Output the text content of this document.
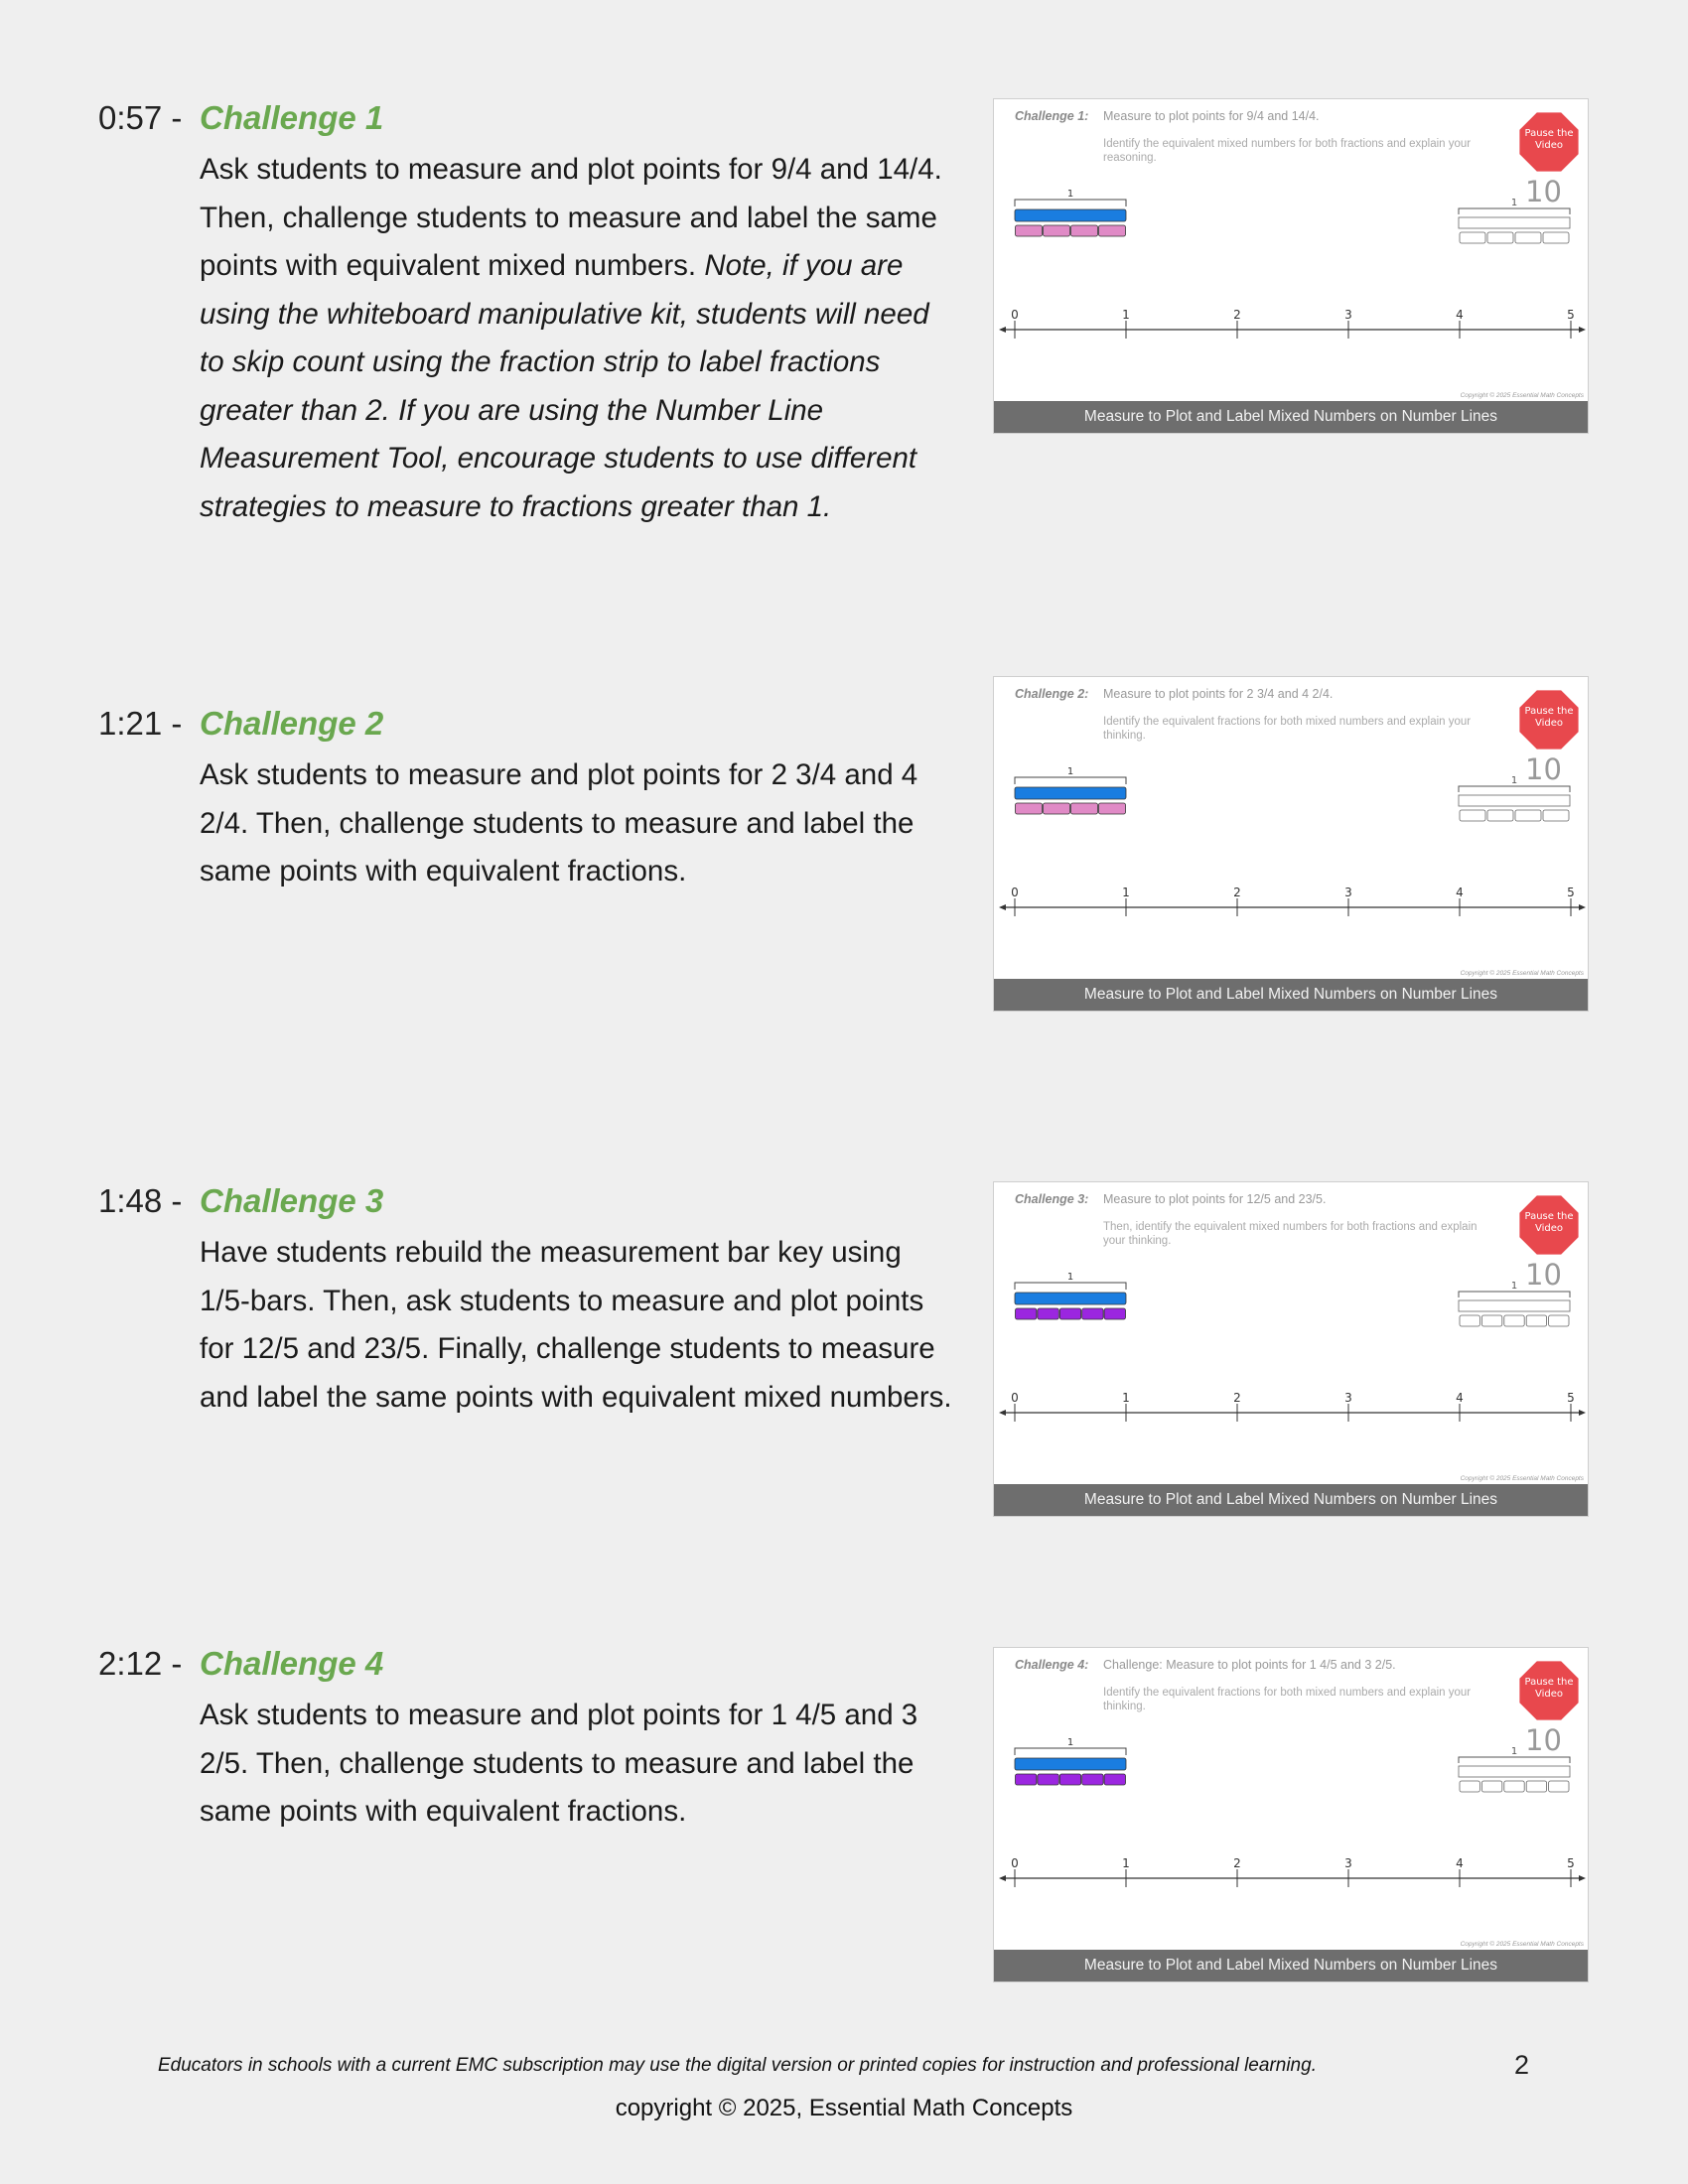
0:57 - Challenge 1
Ask students to measure and plot points for 9/4 and 14/4. Then, challenge students to measure and label the same points with equivalent mixed numbers. Note, if you are using the whiteboard manipulative kit, students will need to skip count using the fraction strip to label fractions greater than 2. If you are using the Number Line Measurement Tool, encourage students to use different strategies to measure to fractions greater than 1.
0	1	2	3	4	5
1
1
Challenge 1: Measure to plot points for 9/4 and 14/4.
Identify the equivalent mixed numbers for both fractions and explain your reasoning.
Pause the
Video
10
Copyright © 2025 Essential Math Concepts
Measure to Plot and Label Mixed Numbers on Number Lines
1:21 - Challenge 2
Ask students to measure and plot points for 2 3/4 and 4 2/4. Then, challenge students to measure and label the same points with equivalent fractions.
0	1	2	3	4	5
1
1
Challenge 2: Measure to plot points for 2 3/4 and 4 2/4.
Identify the equivalent fractions for both mixed numbers and explain your thinking.
Pause the
Video
10
Copyright © 2025 Essential Math Concepts
Measure to Plot and Label Mixed Numbers on Number Lines
1:48 - Challenge 3
Have students rebuild the measurement bar key using 1/5-bars. Then, ask students to measure and plot points for 12/5 and 23/5. Finally, challenge students to measure and label the same points with equivalent mixed numbers.	0	1	2	3	4	5
1
1
Challenge 3: Measure to plot points for 12/5 and 23/5.
Then, identify the equivalent mixed numbers for both fractions and explain your thinking.
Pause the
Video
10
Copyright © 2025 Essential Math Concepts
Measure to Plot and Label Mixed Numbers on Number Lines
2:12 - Challenge 4
Ask students to measure and plot points for 1 4/5 and 3 2/5. Then, challenge students to measure and label the same points with equivalent fractions.
0	1	2	3	4	5
1
1
Challenge 4: Challenge: Measure to plot points for 1 4/5 and 3 2/5.
Identify the equivalent fractions for both mixed numbers and explain your thinking.
Pause the
Video
10
Copyright © 2025 Essential Math Concepts
Measure to Plot and Label Mixed Numbers on Number Lines
Educators in schools with a current EMC subscription may use the digital version or printed copies for instruction and professional learning.	2
copyright © 2025, Essential Math Concepts
